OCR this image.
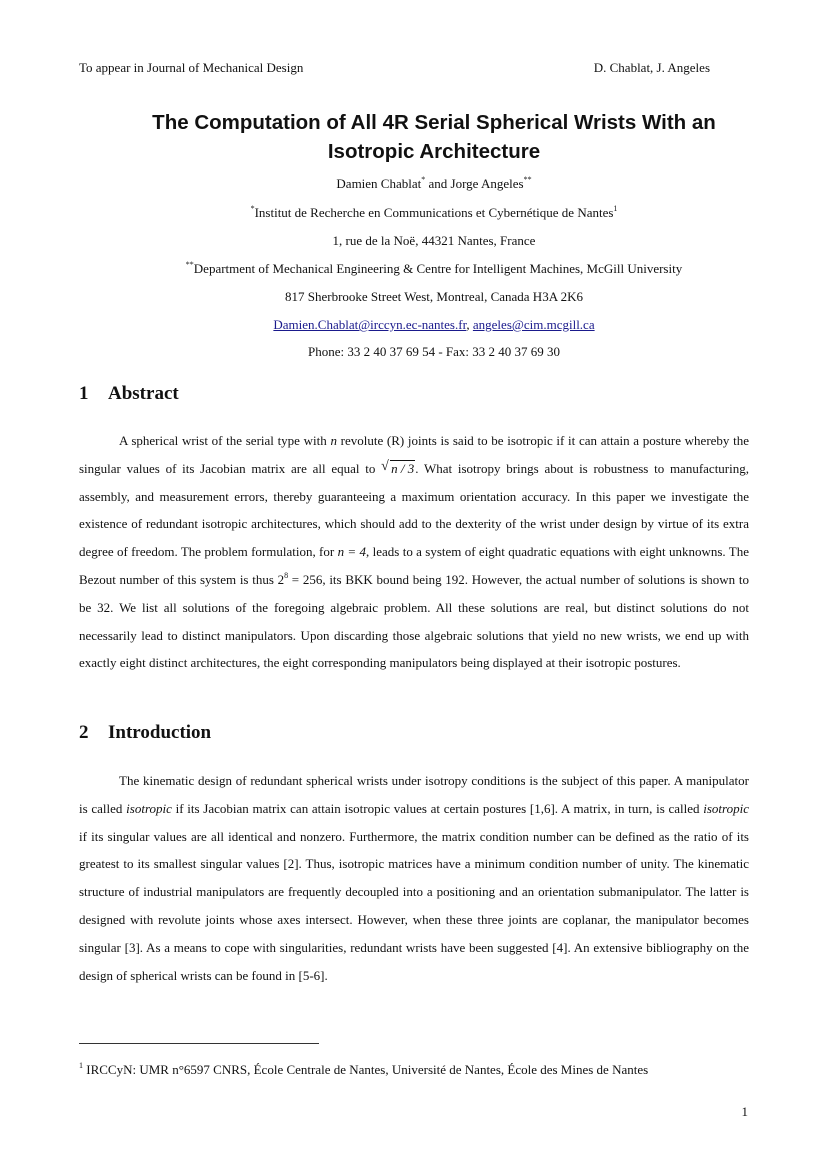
To appear in Journal of Mechanical Design	D. Chablat, J. Angeles
The Computation of All 4R Serial Spherical Wrists With an
Isotropic Architecture
Damien Chablat* and Jorge Angeles**
*Institut de Recherche en Communications et Cybernétique de Nantes$^1$
1, rue de la Noë, 44321 Nantes, France
**Department of Mechanical Engineering & Centre for Intelligent Machines, McGill University
817 Sherbrooke Street West, Montreal, Canada H3A 2K6
Damien.Chablat@irccyn.ec-nantes.fr, angeles@cim.mcgill.ca
Phone: 33 2 40 37 69 54 - Fax: 33 2 40 37 69 30
1 Abstract
A spherical wrist of the serial type with n revolute (R) joints is said to be isotropic if it can attain a posture whereby the singular values of its Jacobian matrix are all equal to √ n / 3. What isotropy brings about is robustness to manufacturing, assembly, and measurement errors, thereby guaranteeing a maximum orientation accuracy. In this paper we investigate the existence of redundant isotropic architectures, which should add to the dexterity of the wrist under design by virtue of its extra degree of freedom. The problem formulation, for n = 4, leads to a system of eight quadratic equations with eight unknowns. The Bezout number of this system is thus $2^8 = 256$, its BKK bound being 192. However, the actual number of solutions is shown to be 32. We list all solutions of the foregoing algebraic problem. All these solutions are real, but distinct solutions do not necessarily lead to distinct manipulators. Upon discarding those algebraic solutions that yield no new wrists, we end up with exactly eight distinct architectures, the eight corresponding manipulators being displayed at their isotropic postures.
2 Introduction
The kinematic design of redundant spherical wrists under isotropy conditions is the subject of this paper. A manipulator is called isotropic if its Jacobian matrix can attain isotropic values at certain postures [1,6]. A matrix, in turn, is called isotropic if its singular values are all identical and nonzero. Furthermore, the matrix condition number can be defined as the ratio of its greatest to its smallest singular values [2]. Thus, isotropic matrices have a minimum condition number of unity. The kinematic structure of industrial manipulators are frequently decoupled into a positioning and an orientation submanipulator. The latter is designed with revolute joints whose axes intersect. However, when these three joints are coplanar, the manipulator becomes singular [3]. As a means to cope with singularities, redundant wrists have been suggested [4]. An extensive bibliography on the design of spherical wrists can be found in [5-6].
$^1$ IRCCyN: UMR n°6597 CNRS, École Centrale de Nantes, Université de Nantes, École des Mines de Nantes
1
